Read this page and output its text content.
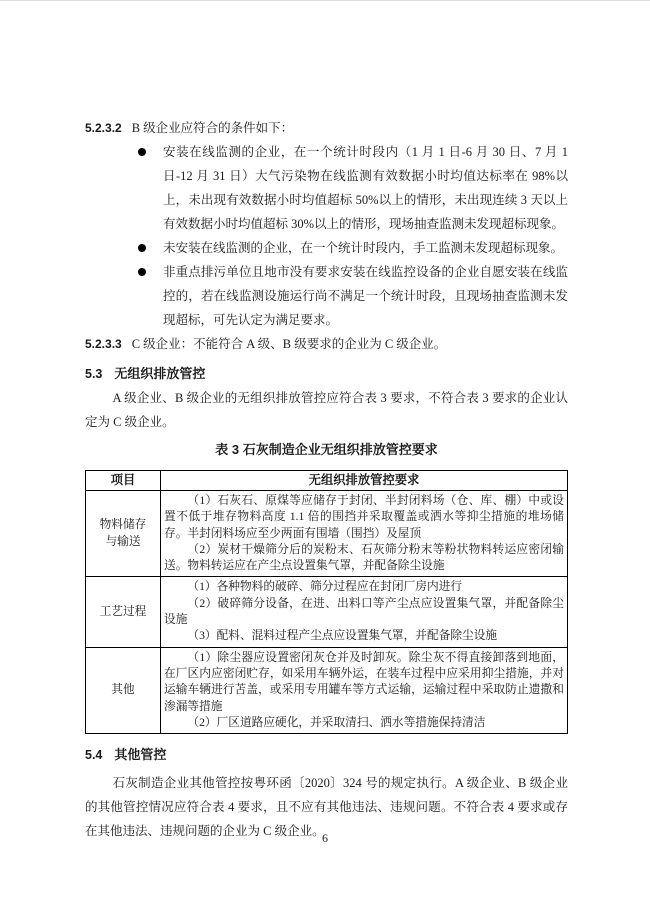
5.2.3.2 B 级企业应符合的条件如下：
安装在线监测的企业，在一个统计时段内（1 月 1 日-6 月 30 日、7 月 1 日-12 月 31 日）大气污染物在线监测有效数据小时均值达标率在 98%以上，未出现有效数据小时均值超标 50%以上的情形，未出现连续 3 天以上有效数据小时均值超标 30%以上的情形，现场抽查监测未发现超标现象。
未安装在线监测的企业，在一个统计时段内，手工监测未发现超标现象。
非重点排污单位且地市没有要求安装在线监控设备的企业自愿安装在线监控的，若在线监测设施运行尚不满足一个统计时段，且现场抽查监测未发现超标，可先认定为满足要求。
5.2.3.3 C 级企业：不能符合 A 级、B 级要求的企业为 C 级企业。
5.3 无组织排放管控
A 级企业、B 级企业的无组织排放管控应符合表 3 要求，不符合表 3 要求的企业认定为 C 级企业。
表 3 石灰制造企业无组织排放管控要求
项目	无组织排放管控要求
物料储存与输送	（1）石灰石、原煤等应储存于封闭、半封闭料场（仓、库、棚）中或设置不低于堆存物料高度 1.1 倍的围挡并采取覆盖或洒水等抑尘措施的堆场储存。半封闭料场应至少两面有围墙（围挡）及屋顶
（2）炭材干燥筛分后的炭粉末、石灰筛分粉末等粉状物料转运应密闭输送。物料转运应在产尘点设置集气罩，并配备除尘设施

工艺过程	（1）各种物料的破碎、筛分过程应在封闭厂房内进行
（2）破碎筛分设备，在进、出料口等产尘点应设置集气罩，并配备除尘设施
（3）配料、混料过程产尘点应设置集气罩，并配备除尘设施

其他	（1）除尘器应设置密闭灰仓并及时卸灰。除尘灰不得直接卸落到地面，在厂区内应密闭贮存，如采用车辆外运，在装车过程中应采用抑尘措施，并对运输车辆进行苫盖，或采用专用罐车等方式运输，运输过程中采取防止遗撒和渗漏等措施
（2）厂区道路应硬化，并采取清扫、洒水等措施保持清洁
5.4 其他管控
石灰制造企业其他管控按粤环函〔2020〕324 号的规定执行。A 级企业、B 级企业的其他管控情况应符合表 4 要求，且不应有其他违法、违规问题。不符合表 4 要求或存在其他违法、违规问题的企业为 C 级企业。
6
